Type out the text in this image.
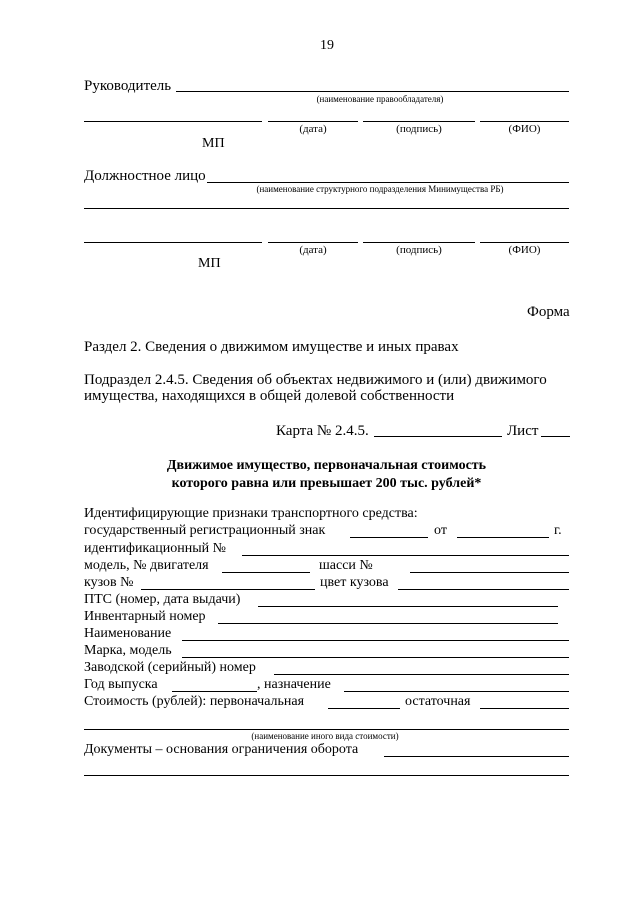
19
Руководитель
(наименование правообладателя)
(дата)	(подпись)	(ФИО)
МП
Должностное лицо
(наименование структурного подразделения Минимущества РБ)
(дата)	(подпись)	(ФИО)
МП
Форма
Раздел 2. Сведения о движимом имуществе и иных правах
Подраздел 2.4.5. Сведения об объектах недвижимого и (или) движимого
имущества, находящихся в общей долевой собственности
Карта № 2.4.5.	Лист
Движимое имущество, первоначальная стоимость
которого равна или превышает 200 тыс. рублей*
Идентифицирующие признаки транспортного средства:
государственный регистрационный знак	от	г.
идентификационный №
модель, № двигателя	шасси №
кузов №	цвет кузова
ПТС (номер, дата выдачи)
Инвентарный номер
Наименование
Марка, модель
Заводской (серийный) номер
Год выпуска	, назначение
Стоимость (рублей): первоначальная	остаточная
(наименование иного вида стоимости)
Документы – основания ограничения оборота
